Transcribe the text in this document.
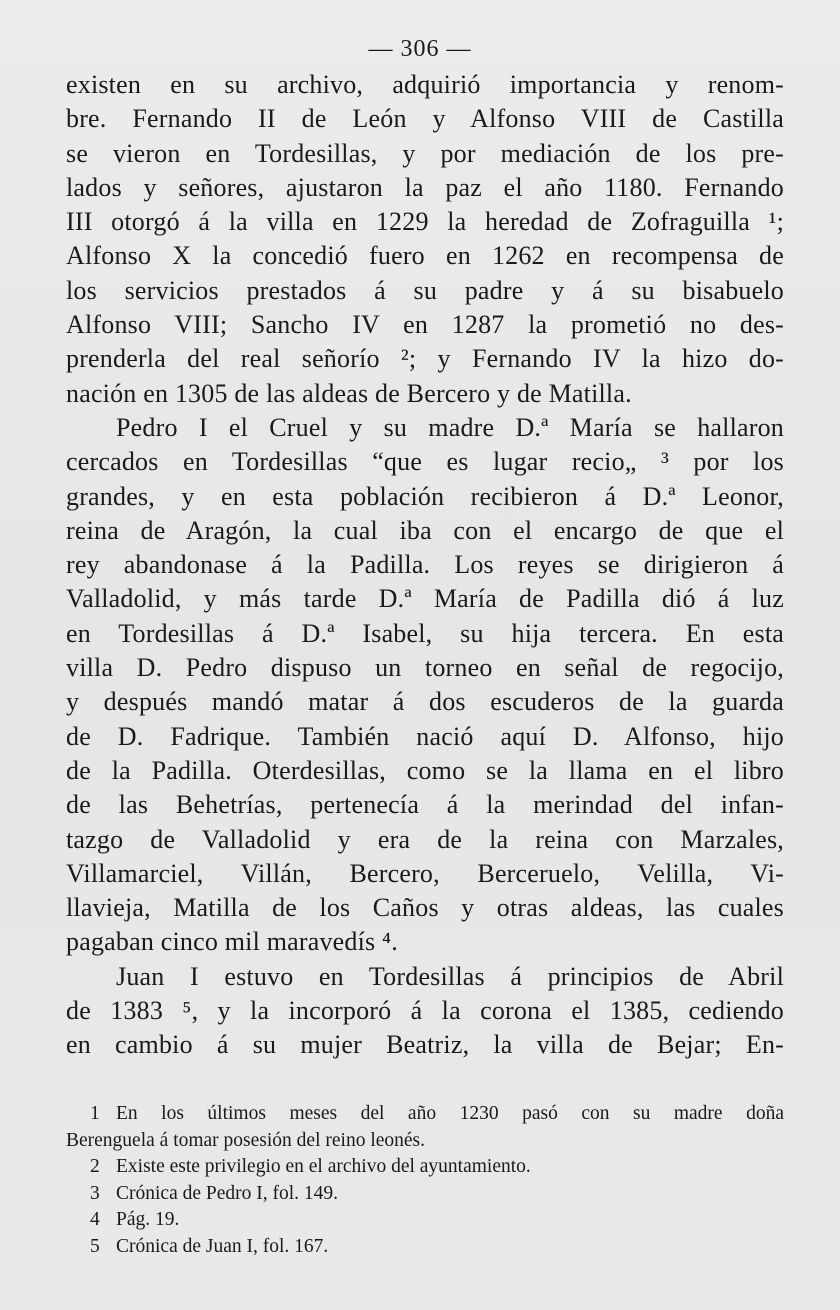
— 306 —
existen en su archivo, adquirió importancia y renom-
bre. Fernando II de León y Alfonso VIII de Castilla
se vieron en Tordesillas, y por mediación de los pre-
lados y señores, ajustaron la paz el año 1180. Fernando
III otorgó á la villa en 1229 la heredad de Zofraguilla ¹;
Alfonso X la concedió fuero en 1262 en recompensa de
los servicios prestados á su padre y á su bisabuelo
Alfonso VIII; Sancho IV en 1287 la prometió no des-
prenderla del real señorío ²; y Fernando IV la hizo do-
nación en 1305 de las aldeas de Bercero y de Matilla.
Pedro I el Cruel y su madre D.ª María se hallaron
cercados en Tordesillas “que es lugar recio„ ³ por los
grandes, y en esta población recibieron á D.ª Leonor,
reina de Aragón, la cual iba con el encargo de que el
rey abandonase á la Padilla. Los reyes se dirigieron á
Valladolid, y más tarde D.ª María de Padilla dió á luz
en Tordesillas á D.ª Isabel, su hija tercera. En esta
villa D. Pedro dispuso un torneo en señal de regocijo,
y después mandó matar á dos escuderos de la guarda
de D. Fadrique. También nació aquí D. Alfonso, hijo
de la Padilla. Oterdesillas, como se la llama en el libro
de las Behetrías, pertenecía á la merindad del infan-
tazgo de Valladolid y era de la reina con Marzales,
Villamarciel, Villán, Bercero, Berceruelo, Velilla, Vi-
llavieja, Matilla de los Caños y otras aldeas, las cuales
pagaban cinco mil maravedís ⁴.
Juan I estuvo en Tordesillas á principios de Abril
de 1383 ⁵, y la incorporó á la corona el 1385, cediendo
en cambio á su mujer Beatriz, la villa de Bejar; En-
1 En los últimos meses del año 1230 pasó con su madre doña
Berenguela á tomar posesión del reino leonés.
2 Existe este privilegio en el archivo del ayuntamiento.
3 Crónica de Pedro I, fol. 149.
4 Pág. 19.
5 Crónica de Juan I, fol. 167.
